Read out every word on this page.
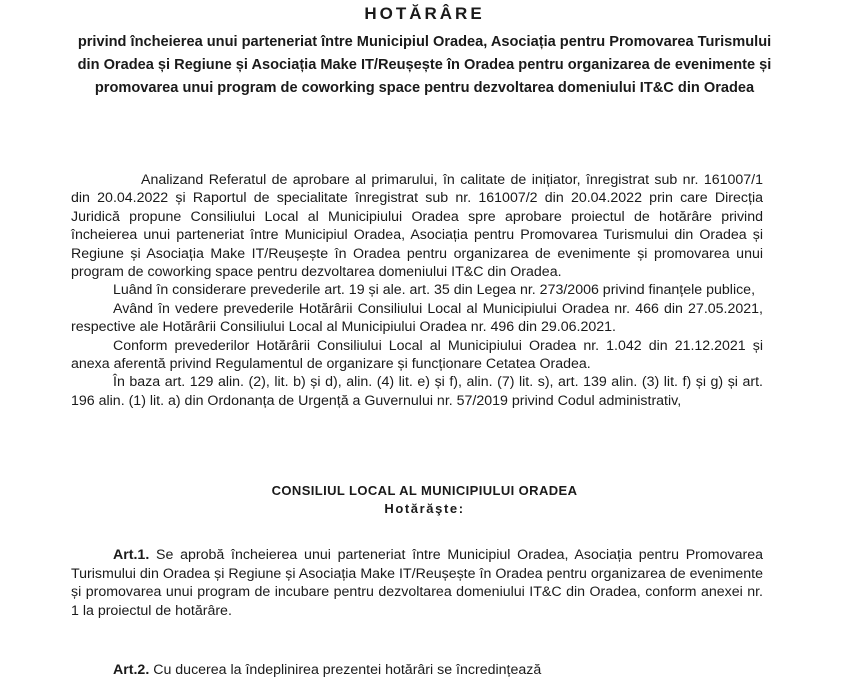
HOTĂRÂRE
privind încheierea unui parteneriat între Municipiul Oradea, Asociația pentru Promovarea Turismului din Oradea și Regiune și Asociația Make IT/Reușește în Oradea pentru organizarea de evenimente și promovarea unui program de coworking space pentru dezvoltarea domeniului IT&C din Oradea

Analizand Referatul de aprobare al primarului, în calitate de inițiator, înregistrat sub nr. 161007/1 din 20.04.2022 și Raportul de specialitate înregistrat sub nr. 161007/2 din 20.04.2022 prin care Direcția Juridică propune Consiliului Local al Municipiului Oradea spre aprobare proiectul de hotărâre privind încheierea unui parteneriat între Municipiul Oradea, Asociația pentru Promovarea Turismului din Oradea și Regiune și Asociația Make IT/Reușește în Oradea pentru organizarea de evenimente și promovarea unui program de coworking space pentru dezvoltarea domeniului IT&C din Oradea.

Luând în considerare prevederile art. 19 și ale. art. 35 din Legea nr. 273/2006 privind finanțele publice,

Având în vedere prevederile Hotărârii Consiliului Local al Municipiului Oradea nr. 466 din 27.05.2021, respective ale Hotărârii Consiliului Local al Municipiului Oradea nr. 496 din 29.06.2021.

Conform prevederilor Hotărârii Consiliului Local al Municipiului Oradea nr. 1.042 din 21.12.2021 și anexa aferentă privind Regulamentul de organizare și funcționare Cetatea Oradea.

În baza art. 129 alin. (2), lit. b) și d), alin. (4) lit. e) și f), alin. (7) lit. s), art. 139 alin. (3) lit. f) și g) și art. 196 alin. (1) lit. a) din Ordonanța de Urgență a Guvernului nr. 57/2019 privind Codul administrativ,

CONSILIUL LOCAL AL MUNICIPIULUI ORADEA
Hotărăşte:
Art.1. Se aprobă încheierea unui parteneriat între Municipiul Oradea, Asociația pentru Promovarea Turismului din Oradea și Regiune și Asociația Make IT/Reușește în Oradea pentru organizarea de evenimente și promovarea unui program de incubare pentru dezvoltarea domeniului IT&C din Oradea, conform anexei nr. 1 la proiectul de hotărâre.
Art.2. Cu ducerea la îndeplinirea prezentei hotărâri se încredințează
